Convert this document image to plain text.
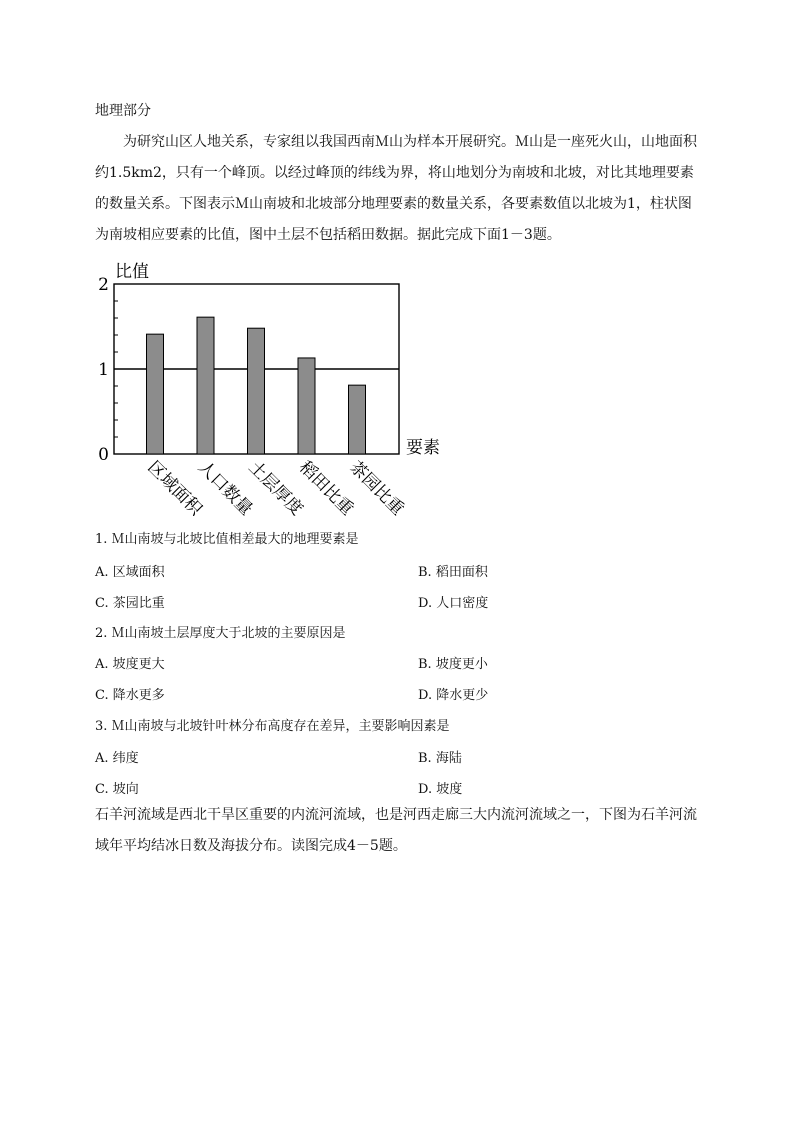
地理部分
为研究山区人地关系，专家组以我国西南Ｍ山为样本开展研究。Ｍ山是一座死火山，山地面积约1.5km2，只有一个峰顶。以经过峰顶的纬线为界，将山地划分为南坡和北坡，对比其地理要素的数量关系。下图表示Ｍ山南坡和北坡部分地理要素的数量关系，各要素数值以北坡为1，柱状图为南坡相应要素的比值，图中土层不包括稻田数据。据此完成下面1－3题。
比值
要素
0
1
2
区域面积
人口数量
土层厚度
稻田比重
茶园比重
1. Ｍ山南坡与北坡比值相差最大的地理要素是
A. 区域面积	B. 稻田面积
C. 茶园比重	D. 人口密度
2. Ｍ山南坡土层厚度大于北坡的主要原因是
A. 坡度更大	B. 坡度更小
C. 降水更多	D. 降水更少
3. Ｍ山南坡与北坡针叶林分布高度存在差异，主要影响因素是
A. 纬度	B. 海陆
C. 坡向	D. 坡度
石羊河流域是西北干旱区重要的内流河流域，也是河西走廊三大内流河流域之一，下图为石羊河流域年平均结冰日数及海拔分布。读图完成4－5题。
